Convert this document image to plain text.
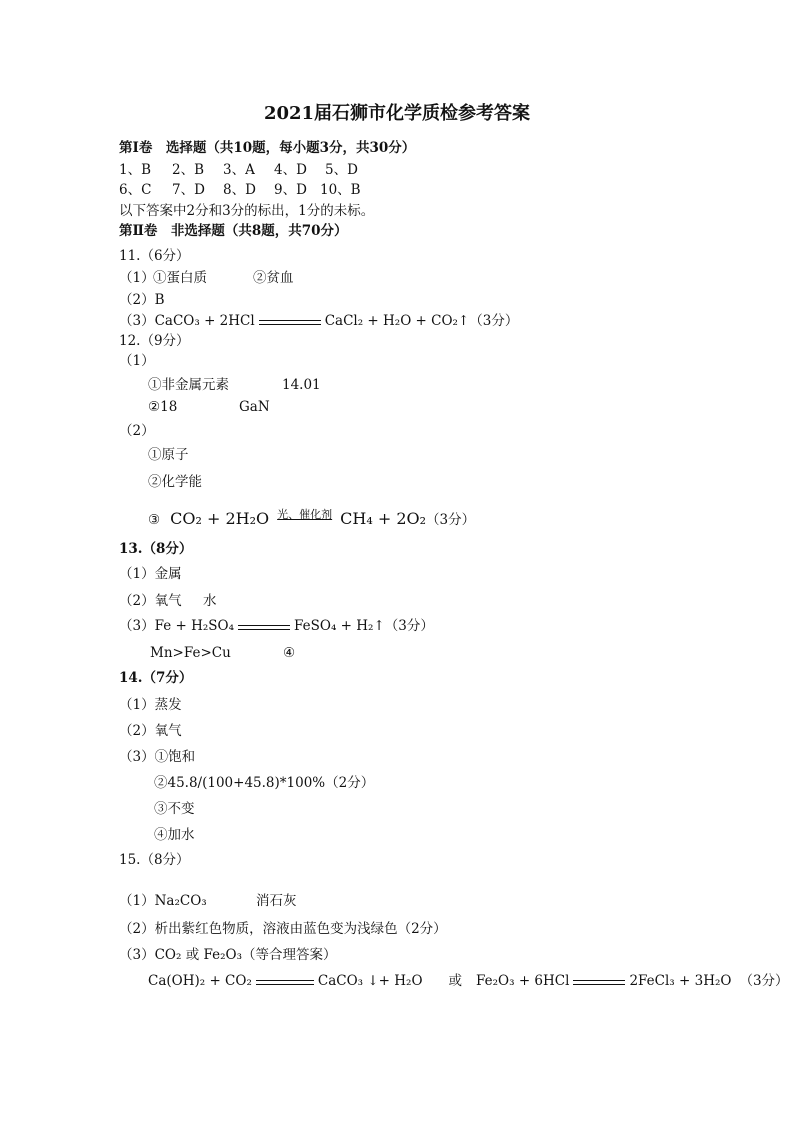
2021届石狮市化学质检参考答案
第Ⅰ卷　选择题（共10题，每小题3分，共30分）
1、B 2、B 3、A 4、D 5、D
6、C 7、D 8、D 9、D 10、B
以下答案中2分和3分的标出，1分的未标。
第Ⅱ卷　非选择题（共8题，共70分）
11.（6分）
（1）
①蛋白质	②贫血
（2）B
（3）CaCO₃ + 2HCl	CaCl₂ + H₂O + CO₂↑（3分）
12.（9分）
（1）
①非金属元素	14.01
②18	GaN
（2）
①原子
②化学能
③ CO₂ + 2H₂O 光、催化剂 CH₄ + 2O₂（3分）
13.（8分）
（1）金属
（2）氧气 水
（3）Fe + H₂SO₄	FeSO₄ + H₂↑（3分）
Mn>Fe>Cu	④
14.（7分）
（1）蒸发
（2）氧气
（3）①饱和
②45.8/(100+45.8)*100%（2分）
③不变
④加水
15.（8分）
（1）Na₂CO₃	消石灰
（2）析出紫红色物质，溶液由蓝色变为浅绿色（2分）
（3）CO₂ 或 Fe₂O₃（等合理答案）
Ca(OH)₂ + CO₂	CaCO₃ ↓+ H₂O 或 Fe₂O₃ + 6HCl	2FeCl₃ + 3H₂O （3分）
